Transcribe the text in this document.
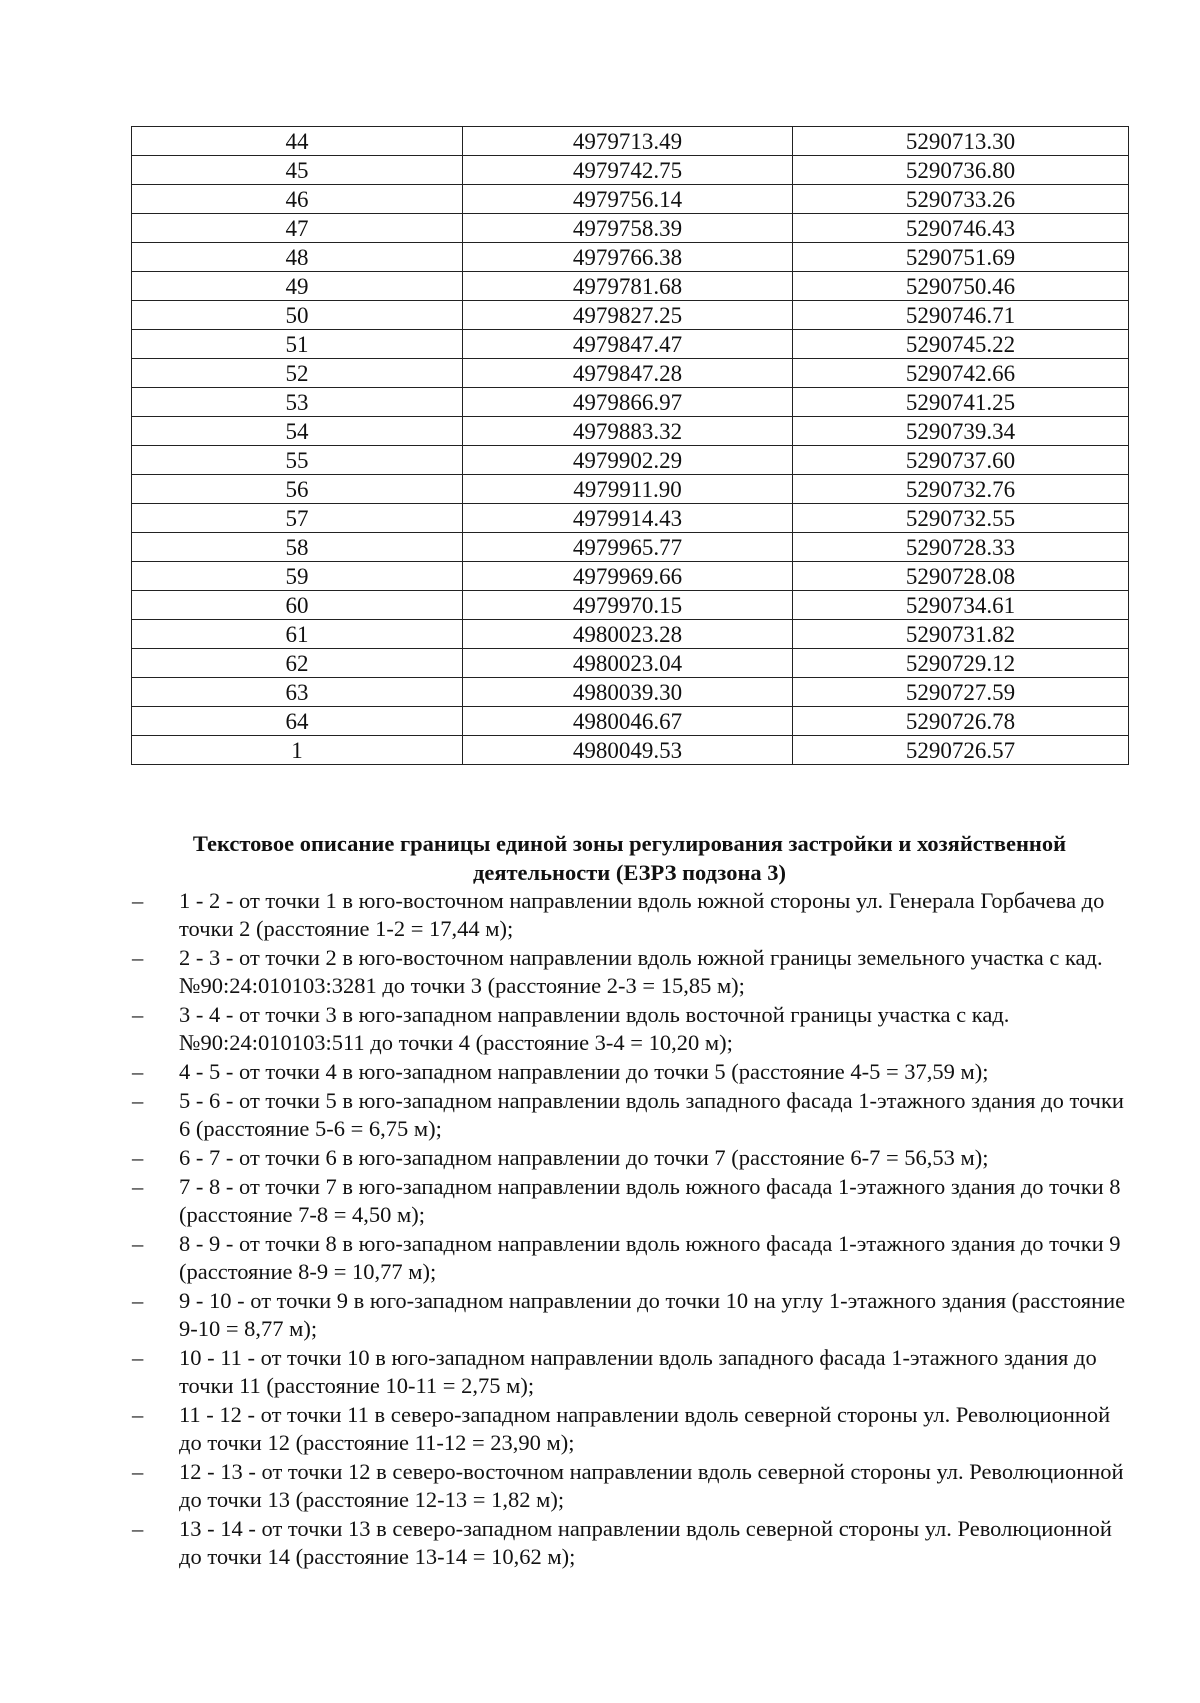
44	4979713.49	5290713.30
45	4979742.75	5290736.80
46	4979756.14	5290733.26
47	4979758.39	5290746.43
48	4979766.38	5290751.69
49	4979781.68	5290750.46
50	4979827.25	5290746.71
51	4979847.47	5290745.22
52	4979847.28	5290742.66
53	4979866.97	5290741.25
54	4979883.32	5290739.34
55	4979902.29	5290737.60
56	4979911.90	5290732.76
57	4979914.43	5290732.55
58	4979965.77	5290728.33
59	4979969.66	5290728.08
60	4979970.15	5290734.61
61	4980023.28	5290731.82
62	4980023.04	5290729.12
63	4980039.30	5290727.59
64	4980046.67	5290726.78
1	4980049.53	5290726.57
Текстовое описание границы единой зоны регулирования застройки и хозяйственной деятельности (ЕЗРЗ подзона 3)
– 1 - 2 - от точки 1 в юго-восточном направлении вдоль южной стороны ул. Генерала Горбачева до точки 2 (расстояние 1-2 = 17,44 м);
– 2 - 3 - от точки 2 в юго-восточном направлении вдоль южной границы земельного участка с кад. №90:24:010103:3281 до точки 3 (расстояние 2-3 = 15,85 м);
– 3 - 4 - от точки 3 в юго-западном направлении вдоль восточной границы участка с кад. №90:24:010103:511 до точки 4 (расстояние 3-4 = 10,20 м);
– 4 - 5 - от точки 4 в юго-западном направлении до точки 5 (расстояние 4-5 = 37,59 м);
– 5 - 6 - от точки 5 в юго-западном направлении вдоль западного фасада 1-этажного здания до точки 6 (расстояние 5-6 = 6,75 м);
– 6 - 7 - от точки 6 в юго-западном направлении до точки 7 (расстояние 6-7 = 56,53 м);
– 7 - 8 - от точки 7 в юго-западном направлении вдоль южного фасада 1-этажного здания до точки 8 (расстояние 7-8 = 4,50 м);
– 8 - 9 - от точки 8 в юго-западном направлении вдоль южного фасада 1-этажного здания до точки 9 (расстояние 8-9 = 10,77 м);
– 9 - 10 - от точки 9 в юго-западном направлении до точки 10 на углу 1-этажного здания (расстояние 9-10 = 8,77 м);
– 10 - 11 - от точки 10 в юго-западном направлении вдоль западного фасада 1-этажного здания до точки 11 (расстояние 10-11 = 2,75 м);
– 11 - 12 - от точки 11 в северо-западном направлении вдоль северной стороны ул. Революционной до точки 12 (расстояние 11-12 = 23,90 м);
– 12 - 13 - от точки 12 в северо-восточном направлении вдоль северной стороны ул. Революционной до точки 13 (расстояние 12-13 = 1,82 м);
– 13 - 14 - от точки 13 в северо-западном направлении вдоль северной стороны ул. Революционной до точки 14 (расстояние 13-14 = 10,62 м);
